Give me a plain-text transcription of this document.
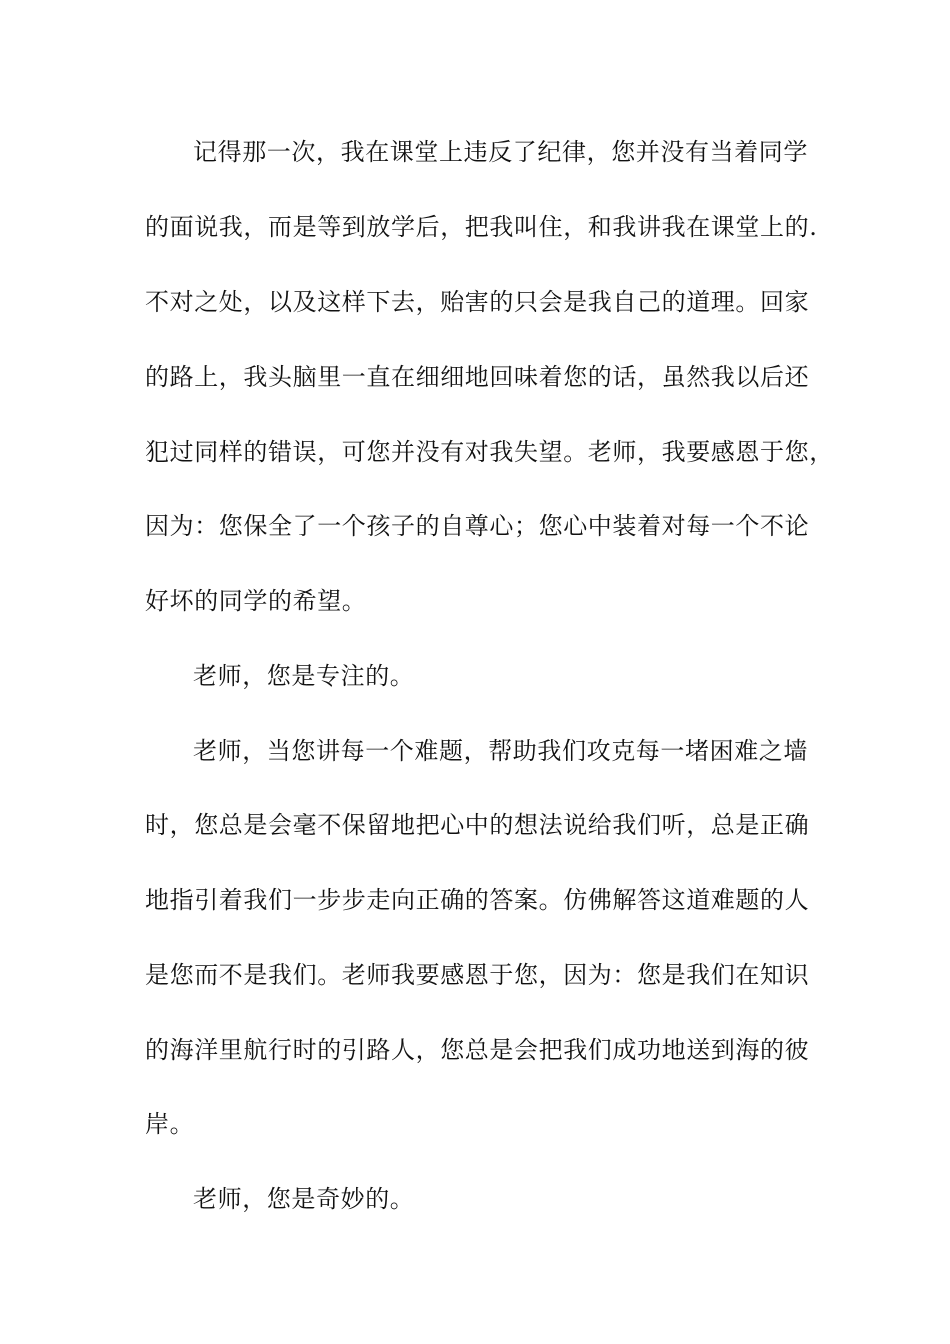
记得那一次，我在课堂上违反了纪律，您并没有当着同学
的面说我，而是等到放学后，把我叫住，和我讲我在课堂上的.
不对之处，以及这样下去，贻害的只会是我自己的道理。回家
的路上，我头脑里一直在细细地回味着您的话，虽然我以后还
犯过同样的错误，可您并没有对我失望。老师，我要感恩于您，
因为：您保全了一个孩子的自尊心；您心中装着对每一个不论
好坏的同学的希望。
老师，您是专注的。
老师，当您讲每一个难题，帮助我们攻克每一堵困难之墙
时，您总是会毫不保留地把心中的想法说给我们听，总是正确
地指引着我们一步步走向正确的答案。仿佛解答这道难题的人
是您而不是我们。老师我要感恩于您，因为：您是我们在知识
的海洋里航行时的引路人，您总是会把我们成功地送到海的彼
岸。
老师，您是奇妙的。
